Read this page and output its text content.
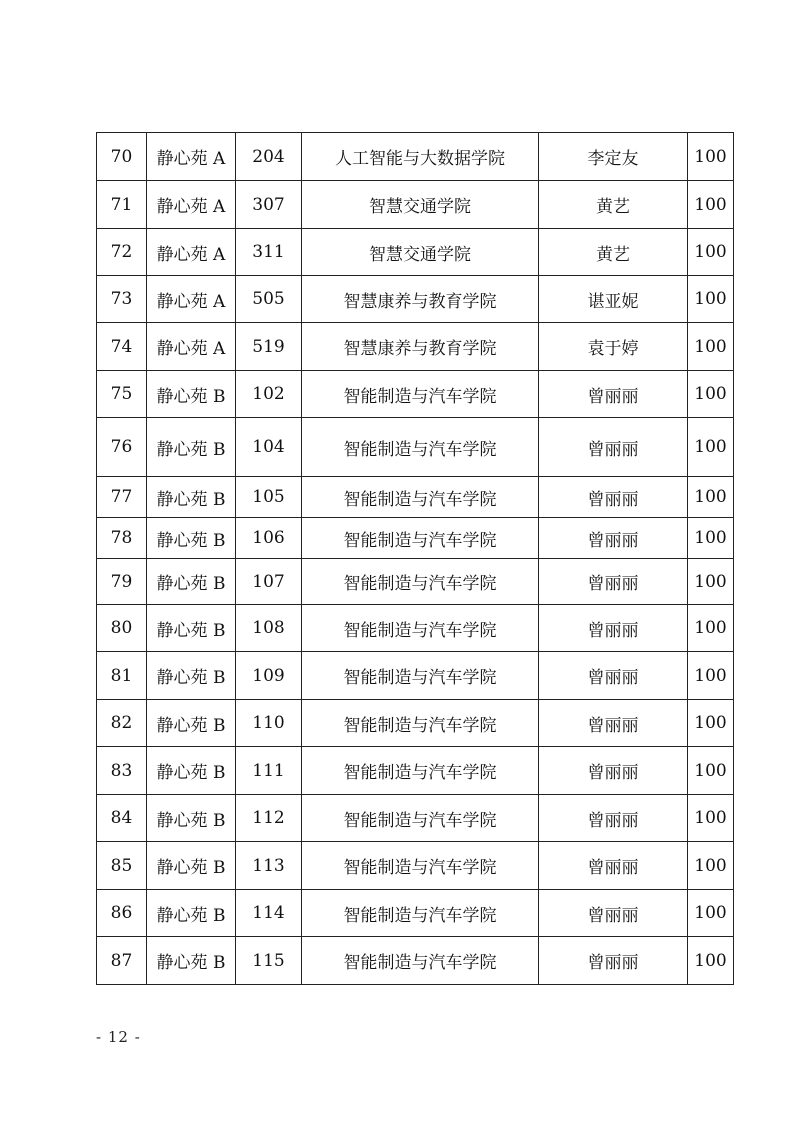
70	静心苑 A	204	人工智能与大数据学院	李定友	100
71	静心苑 A	307	智慧交通学院	黄艺	100
72	静心苑 A	311	智慧交通学院	黄艺	100
73	静心苑 A	505	智慧康养与教育学院	谌亚妮	100
74	静心苑 A	519	智慧康养与教育学院	袁于婷	100
75	静心苑 B	102	智能制造与汽车学院	曾丽丽	100
76	静心苑 B	104	智能制造与汽车学院	曾丽丽	100
77	静心苑 B	105	智能制造与汽车学院	曾丽丽	100
78	静心苑 B	106	智能制造与汽车学院	曾丽丽	100
79	静心苑 B	107	智能制造与汽车学院	曾丽丽	100
80	静心苑 B	108	智能制造与汽车学院	曾丽丽	100
81	静心苑 B	109	智能制造与汽车学院	曾丽丽	100
82	静心苑 B	110	智能制造与汽车学院	曾丽丽	100
83	静心苑 B	111	智能制造与汽车学院	曾丽丽	100
84	静心苑 B	112	智能制造与汽车学院	曾丽丽	100
85	静心苑 B	113	智能制造与汽车学院	曾丽丽	100
86	静心苑 B	114	智能制造与汽车学院	曾丽丽	100
87	静心苑 B	115	智能制造与汽车学院	曾丽丽	100
- 12 -
